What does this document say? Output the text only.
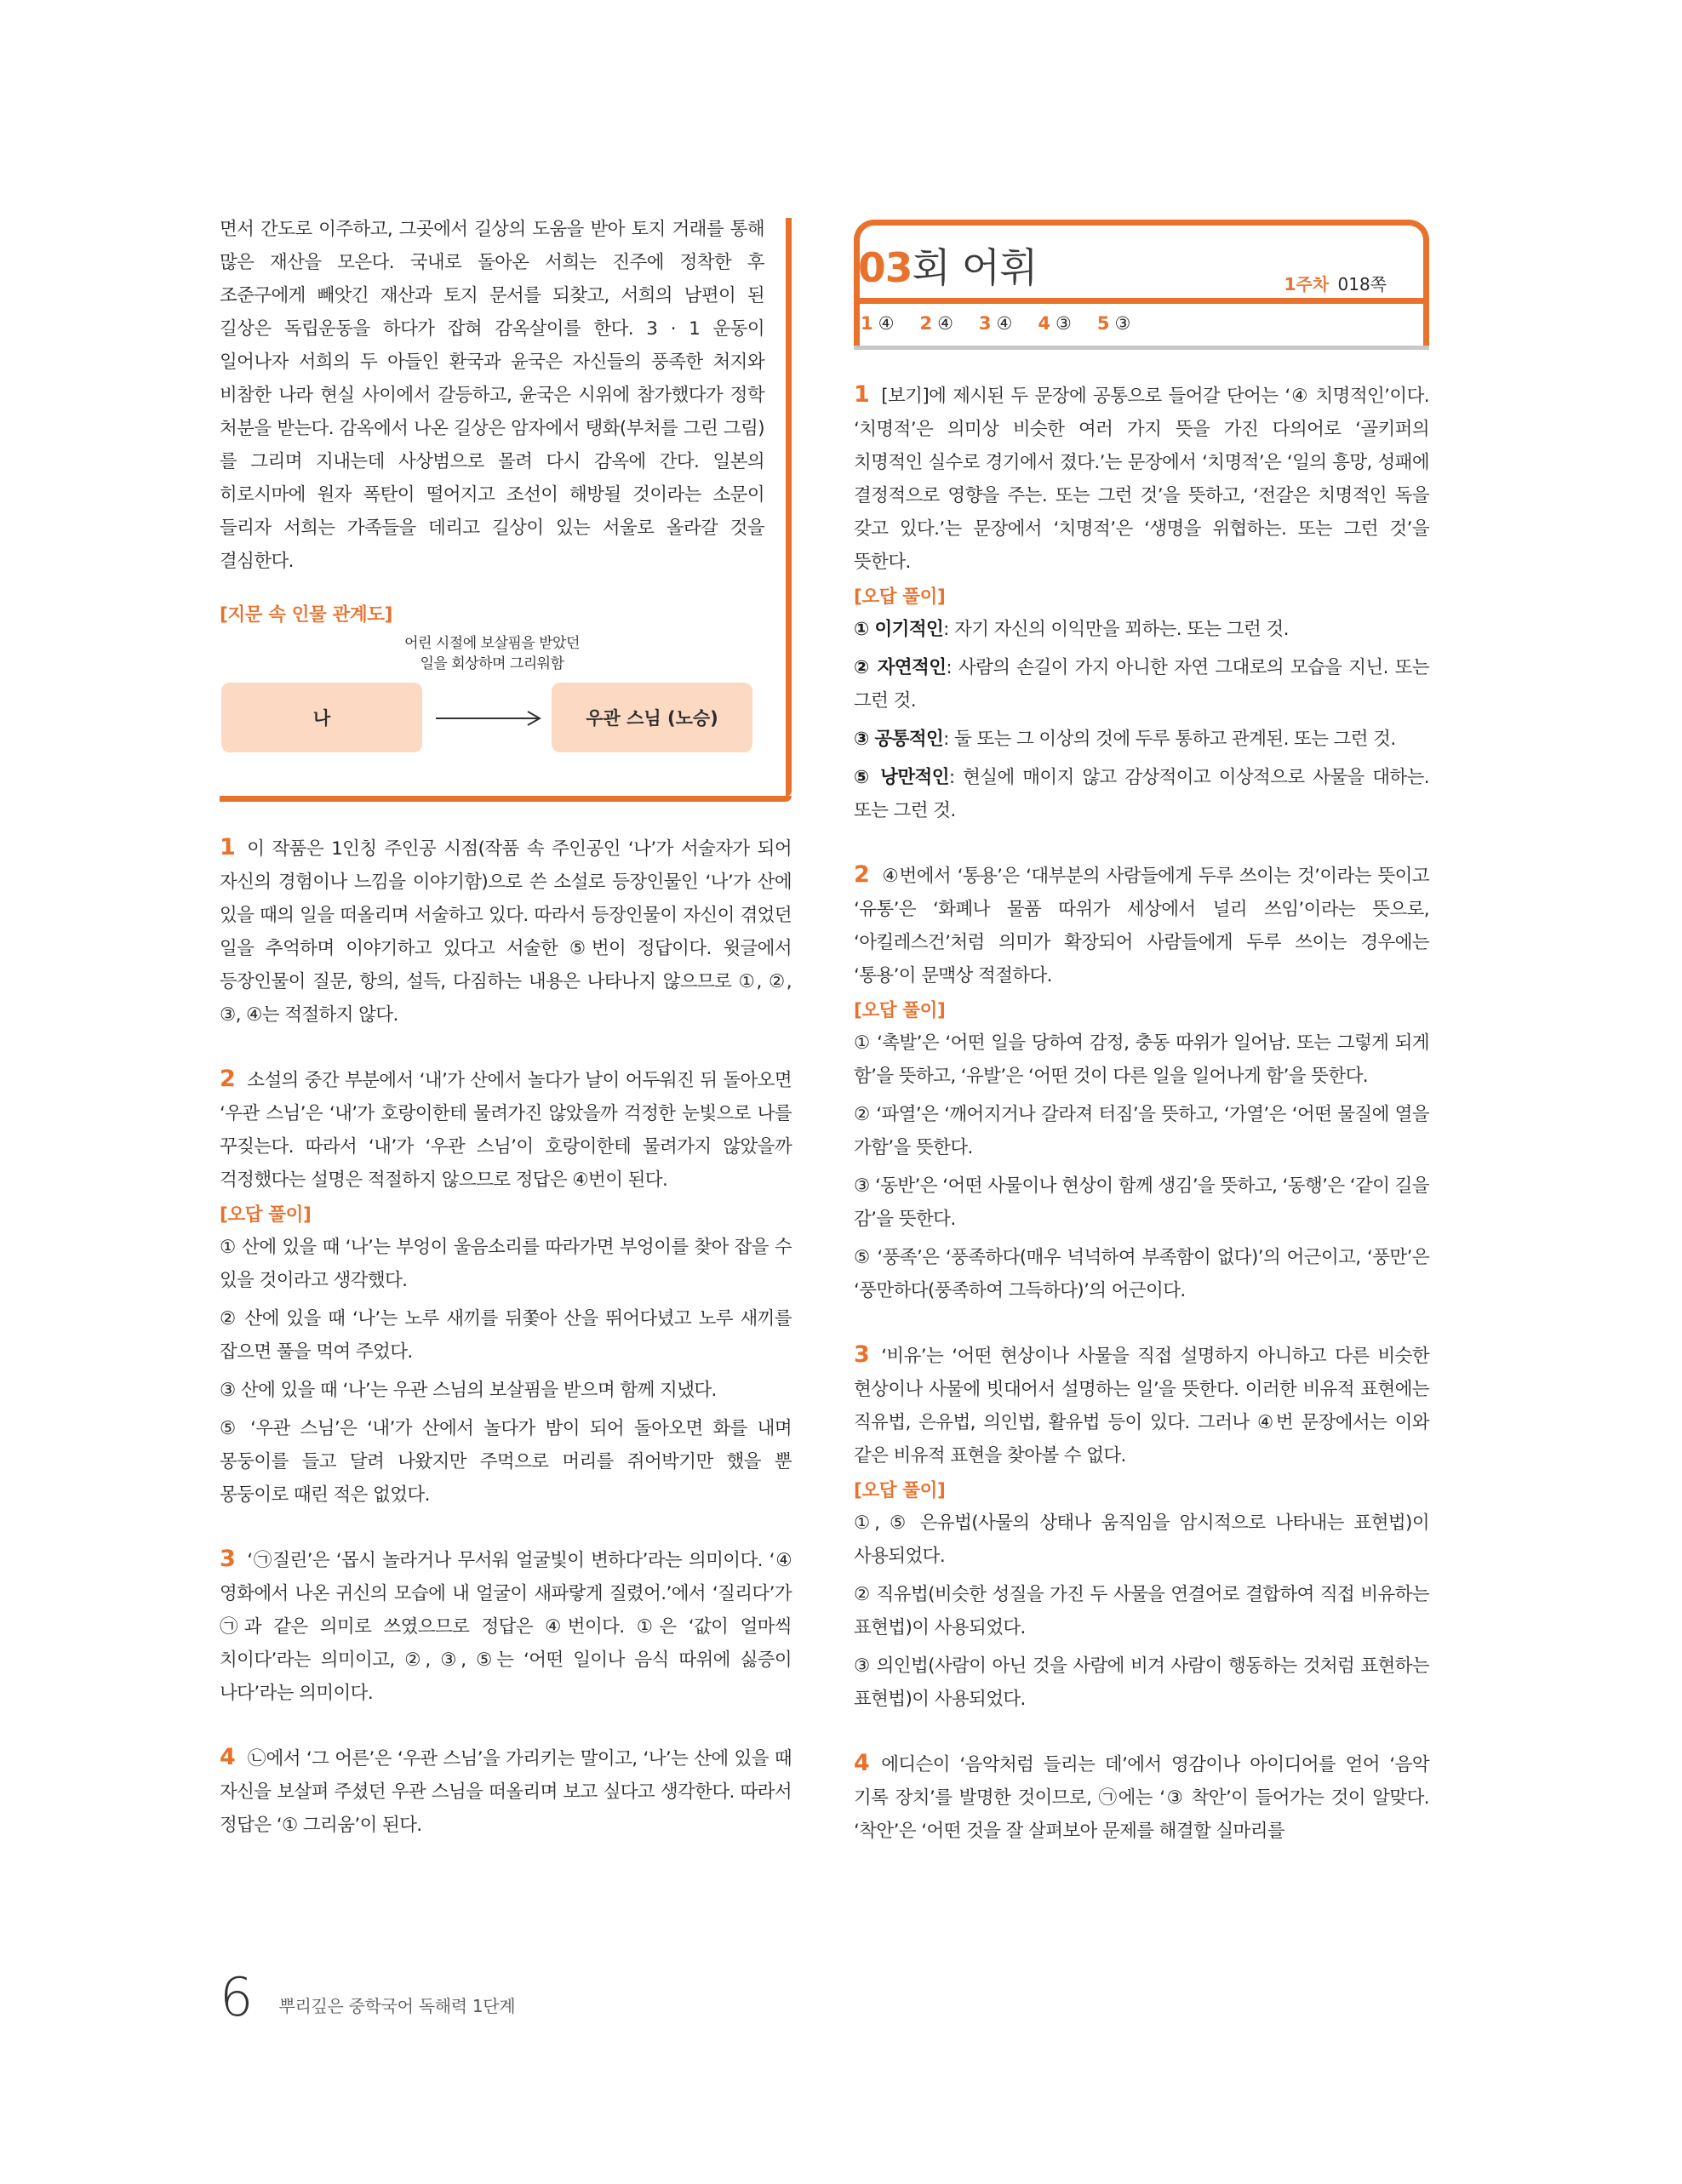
면서 간도로 이주하고, 그곳에서 길상의 도움을 받아 토지 거래를 통해 많은 재산을 모은다. 국내로 돌아온 서희는 진주에 정착한 후 조준구에게 빼앗긴 재산과 토지 문서를 되찾고, 서희의 남편이 된 길상은 독립운동을 하다가 잡혀 감옥살이를 한다. 3 · 1 운동이 일어나자 서희의 두 아들인 환국과 윤국은 자신들의 풍족한 처지와 비참한 나라 현실 사이에서 갈등하고, 윤국은 시위에 참가했다가 정학 처분을 받는다. 감옥에서 나온 길상은 암자에서 탱화(부처를 그린 그림)를 그리며 지내는데 사상범으로 몰려 다시 감옥에 간다. 일본의 히로시마에 원자 폭탄이 떨어지고 조선이 해방될 것이라는 소문이 들리자 서희는 가족들을 데리고 길상이 있는 서울로 올라갈 것을 결심한다.

[지문 속 인물 관계도]
어린 시절에 보살핌을 받았던
일을 회상하며 그리워함
나	우관 스님 (노승)

1 이 작품은 1인칭 주인공 시점(작품 속 주인공인 ‘나’가 서술자가 되어 자신의 경험이나 느낌을 이야기함)으로 쓴 소설로 등장인물인 ‘나’가 산에 있을 때의 일을 떠올리며 서술하고 있다. 따라서 등장인물이 자신이 겪었던 일을 추억하며 이야기하고 있다고 서술한 ⑤번이 정답이다. 윗글에서 등장인물이 질문, 항의, 설득, 다짐하는 내용은 나타나지 않으므로 ①, ②, ③, ④는 적절하지 않다.

2 소설의 중간 부분에서 ‘내’가 산에서 놀다가 날이 어두워진 뒤 돌아오면 ‘우관 스님’은 ‘내’가 호랑이한테 물려가진 않았을까 걱정한 눈빛으로 나를 꾸짖는다. 따라서 ‘내’가 ‘우관 스님’이 호랑이한테 물려가지 않았을까 걱정했다는 설명은 적절하지 않으므로 정답은 ④번이 된다.

[오답 풀이]

① 산에 있을 때 ‘나’는 부엉이 울음소리를 따라가면 부엉이를 찾아 잡을 수 있을 것이라고 생각했다.

② 산에 있을 때 ‘나’는 노루 새끼를 뒤쫓아 산을 뛰어다녔고 노루 새끼를 잡으면 풀을 먹여 주었다.

③ 산에 있을 때 ‘나’는 우관 스님의 보살핌을 받으며 함께 지냈다.

⑤ ‘우관 스님’은 ‘내’가 산에서 놀다가 밤이 되어 돌아오면 화를 내며 몽둥이를 들고 달려 나왔지만 주먹으로 머리를 쥐어박기만 했을 뿐 몽둥이로 때린 적은 없었다.

3 ‘㉠질린’은 ‘몹시 놀라거나 무서워 얼굴빛이 변하다’라는 의미이다. ‘④ 영화에서 나온 귀신의 모습에 내 얼굴이 새파랗게 질렸어.’에서 ‘질리다’가 ㉠과 같은 의미로 쓰였으므로 정답은 ④번이다. ①은 ‘값이 얼마씩 치이다’라는 의미이고, ②, ③, ⑤는 ‘어떤 일이나 음식 따위에 싫증이 나다’라는 의미이다.

4 ㉡에서 ‘그 어른’은 ‘우관 스님’을 가리키는 말이고, ‘나’는 산에 있을 때 자신을 보살펴 주셨던 우관 스님을 떠올리며 보고 싶다고 생각한다. 따라서 정답은 ‘① 그리움’이 된다.

03회 어휘	1주차 018쪽
1 ④ 2 ④ 3 ④ 4 ③ 5 ③

1 [보기]에 제시된 두 문장에 공통으로 들어갈 단어는 ‘④ 치명적인’이다. ‘치명적’은 의미상 비슷한 여러 가지 뜻을 가진 다의어로 ‘골키퍼의 치명적인 실수로 경기에서 졌다.’는 문장에서 ‘치명적’은 ‘일의 흥망, 성패에 결정적으로 영향을 주는. 또는 그런 것’을 뜻하고, ‘전갈은 치명적인 독을 갖고 있다.’는 문장에서 ‘치명적’은 ‘생명을 위협하는. 또는 그런 것’을 뜻한다.

[오답 풀이]

① 이기적인: 자기 자신의 이익만을 꾀하는. 또는 그런 것.

② 자연적인: 사람의 손길이 가지 아니한 자연 그대로의 모습을 지닌. 또는 그런 것.

③ 공통적인: 둘 또는 그 이상의 것에 두루 통하고 관계된. 또는 그런 것.

⑤ 낭만적인: 현실에 매이지 않고 감상적이고 이상적으로 사물을 대하는. 또는 그런 것.

2 ④번에서 ‘통용’은 ‘대부분의 사람들에게 두루 쓰이는 것’이라는 뜻이고 ‘유통’은 ‘화폐나 물품 따위가 세상에서 널리 쓰임’이라는 뜻으로, ‘아킬레스건’처럼 의미가 확장되어 사람들에게 두루 쓰이는 경우에는 ‘통용’이 문맥상 적절하다.

[오답 풀이]

① ‘촉발’은 ‘어떤 일을 당하여 감정, 충동 따위가 일어남. 또는 그렇게 되게 함’을 뜻하고, ‘유발’은 ‘어떤 것이 다른 일을 일어나게 함’을 뜻한다.

② ‘파열’은 ‘깨어지거나 갈라져 터짐’을 뜻하고, ‘가열’은 ‘어떤 물질에 열을 가함’을 뜻한다.

③ ‘동반’은 ‘어떤 사물이나 현상이 함께 생김’을 뜻하고, ‘동행’은 ‘같이 길을 감’을 뜻한다.

⑤ ‘풍족’은 ‘풍족하다(매우 넉넉하여 부족함이 없다)’의 어근이고, ‘풍만’은 ‘풍만하다(풍족하여 그득하다)’의 어근이다.

3 ‘비유’는 ‘어떤 현상이나 사물을 직접 설명하지 아니하고 다른 비슷한 현상이나 사물에 빗대어서 설명하는 일’을 뜻한다. 이러한 비유적 표현에는 직유법, 은유법, 의인법, 활유법 등이 있다. 그러나 ④번 문장에서는 이와 같은 비유적 표현을 찾아볼 수 없다.

[오답 풀이]

①, ⑤ 은유법(사물의 상태나 움직임을 암시적으로 나타내는 표현법)이 사용되었다.

② 직유법(비슷한 성질을 가진 두 사물을 연결어로 결합하여 직접 비유하는 표현법)이 사용되었다.

③ 의인법(사람이 아닌 것을 사람에 비겨 사람이 행동하는 것처럼 표현하는 표현법)이 사용되었다.

4 에디슨이 ‘음악처럼 들리는 데’에서 영감이나 아이디어를 얻어 ‘음악 기록 장치’를 발명한 것이므로, ㉠에는 ‘③ 착안’이 들어가는 것이 알맞다. ‘착안’은 ‘어떤 것을 잘 살펴보아 문제를 해결할 실마리를

6 뿌리깊은 중학국어 독해력 1단계
